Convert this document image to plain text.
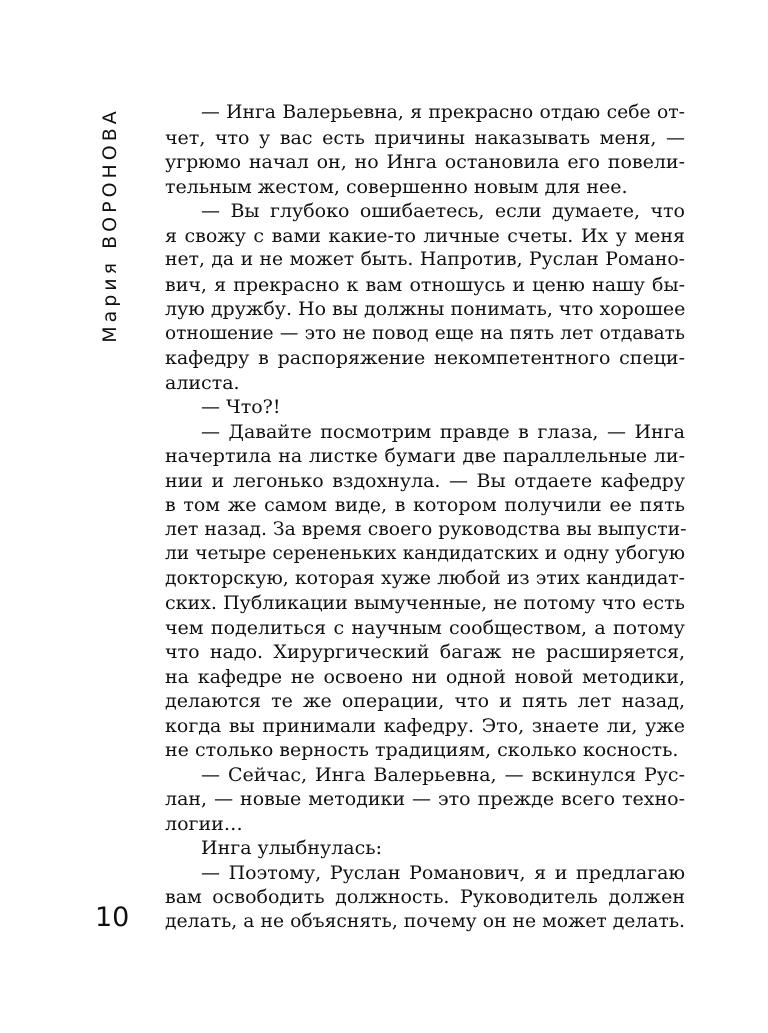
Мария ВОРОНОВА	— Инга Валерьевна, я прекрасно отдаю себе от-
чет, что у вас есть причины наказывать меня, —
угрюмо начал он, но Инга остановила его повели-
тельным жестом, совершенно новым для нее.
— Вы глубоко ошибаетесь, если думаете, что
я свожу с вами какие-то личные счеты. Их у меня
нет, да и не может быть. Напротив, Руслан Романо-
вич, я прекрасно к вам отношусь и ценю нашу бы-
лую дружбу. Но вы должны понимать, что хорошее
отношение — это не повод еще на пять лет отдавать
кафедру в распоряжение некомпетентного специ-
алиста.
— Что?!
— Давайте посмотрим правде в глаза, — Инга
начертила на листке бумаги две параллельные ли-
нии и легонько вздохнула. — Вы отдаете кафедру
в том же самом виде, в котором получили ее пять
лет назад. За время своего руководства вы выпусти-
ли четыре серененьких кандидатских и одну убогую
докторскую, которая хуже любой из этих кандидат-
ских. Публикации вымученные, не потому что есть
чем поделиться с научным сообществом, а потому
что надо. Хирургический багаж не расширяется,
на кафедре не освоено ни одной новой методики,
делаются те же операции, что и пять лет назад,
когда вы принимали кафедру. Это, знаете ли, уже
не столько верность традициям, сколько косность.
— Сейчас, Инга Валерьевна, — вскинулся Рус-
лан, — новые методики — это прежде всего техно-
логии…
Инга улыбнулась:
— Поэтому, Руслан Романович, я и предлагаю
вам освободить должность. Руководитель должен
делать, а не объяснять, почему он не может делать.
10
